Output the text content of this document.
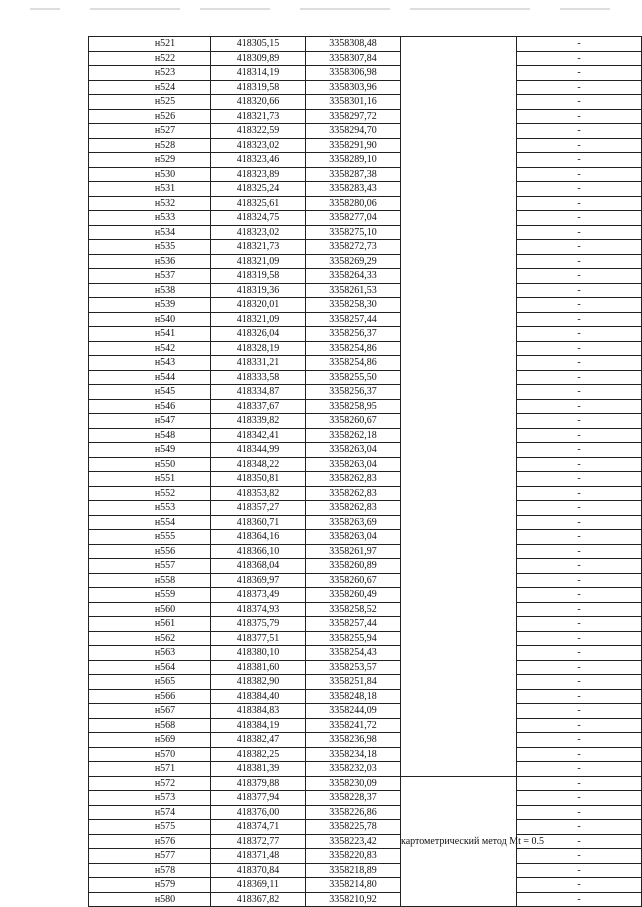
н521	418305,15	3358308,48		-
н522	418309,89	3358307,84		-
н523	418314,19	3358306,98		-
н524	418319,58	3358303,96		-
н525	418320,66	3358301,16		-
н526	418321,73	3358297,72		-
н527	418322,59	3358294,70		-
н528	418323,02	3358291,90		-
н529	418323,46	3358289,10		-
н530	418323,89	3358287,38		-
н531	418325,24	3358283,43		-
н532	418325,61	3358280,06		-
н533	418324,75	3358277,04		-
н534	418323,02	3358275,10		-
н535	418321,73	3358272,73		-
н536	418321,09	3358269,29		-
н537	418319,58	3358264,33		-
н538	418319,36	3358261,53		-
н539	418320,01	3358258,30		-
н540	418321,09	3358257,44		-
н541	418326,04	3358256,37		-
н542	418328,19	3358254,86		-
н543	418331,21	3358254,86		-
н544	418333,58	3358255,50		-
н545	418334,87	3358256,37		-
н546	418337,67	3358258,95		-
н547	418339,82	3358260,67		-
н548	418342,41	3358262,18		-
н549	418344,99	3358263,04		-
н550	418348,22	3358263,04		-
н551	418350,81	3358262,83		-
н552	418353,82	3358262,83		-
н553	418357,27	3358262,83		-
н554	418360,71	3358263,69		-
н555	418364,16	3358263,04		-
н556	418366,10	3358261,97		-
н557	418368,04	3358260,89		-
н558	418369,97	3358260,67		-
н559	418373,49	3358260,49		-
н560	418374,93	3358258,52		-
н561	418375,79	3358257,44		-
н562	418377,51	3358255,94		-
н563	418380,10	3358254,43		-
н564	418381,60	3358253,57		-
н565	418382,90	3358251,84		-
н566	418384,40	3358248,18		-
н567	418384,83	3358244,09		-
н568	418384,19	3358241,72		-
н569	418382,47	3358236,98		-
н570	418382,25	3358234,18		-
н571	418381,39	3358232,03		-
н572	418379,88	3358230,09	картометрический метод Mt = 0.5	-
н573	418377,94	3358228,37		-
н574	418376,00	3358226,86		-
н575	418374,71	3358225,78		-
н576	418372,77	3358223,42		-
н577	418371,48	3358220,83		-
н578	418370,84	3358218,89		-
н579	418369,11	3358214,80		-
н580	418367,82	3358210,92		-
